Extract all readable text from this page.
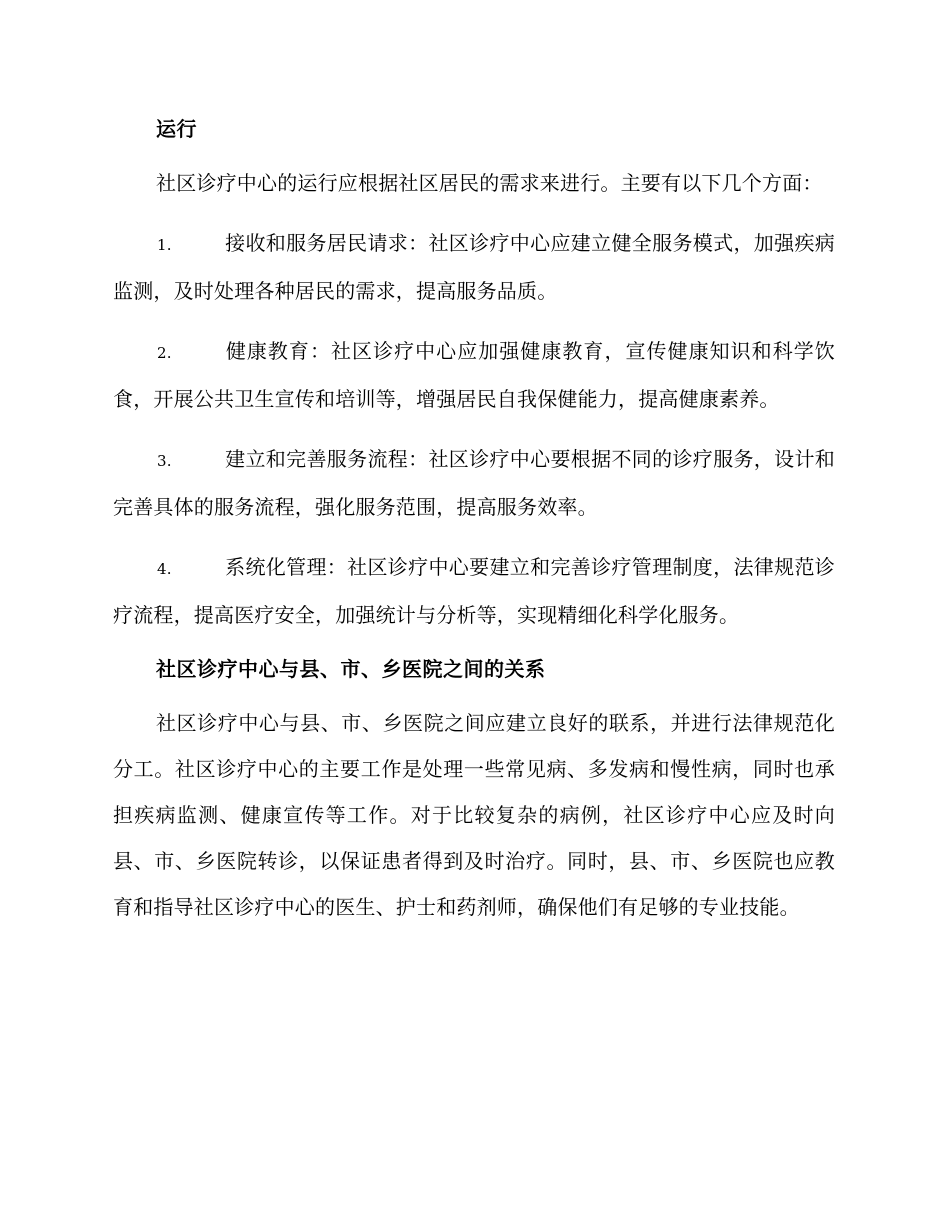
运行

社区诊疗中心的运行应根据社区居民的需求来进行。主要有以下几个方面：

1.	接收和服务居民请求：社区诊疗中心应建立健全服务模式，加强疾病监测，及时处理各种居民的需求，提高服务品质。

2.	健康教育：社区诊疗中心应加强健康教育，宣传健康知识和科学饮食，开展公共卫生宣传和培训等，增强居民自我保健能力，提高健康素养。

3.	建立和完善服务流程：社区诊疗中心要根据不同的诊疗服务，设计和完善具体的服务流程，强化服务范围，提高服务效率。

4.	系统化管理：社区诊疗中心要建立和完善诊疗管理制度，法律规范诊疗流程，提高医疗安全，加强统计与分析等，实现精细化科学化服务。

社区诊疗中心与县、市、乡医院之间的关系

社区诊疗中心与县、市、乡医院之间应建立良好的联系，并进行法律规范化分工。社区诊疗中心的主要工作是处理一些常见病、多发病和慢性病，同时也承担疾病监测、健康宣传等工作。对于比较复杂的病例，社区诊疗中心应及时向县、市、乡医院转诊，以保证患者得到及时治疗。同时，县、市、乡医院也应教育和指导社区诊疗中心的医生、护士和药剂师，确保他们有足够的专业技能。
